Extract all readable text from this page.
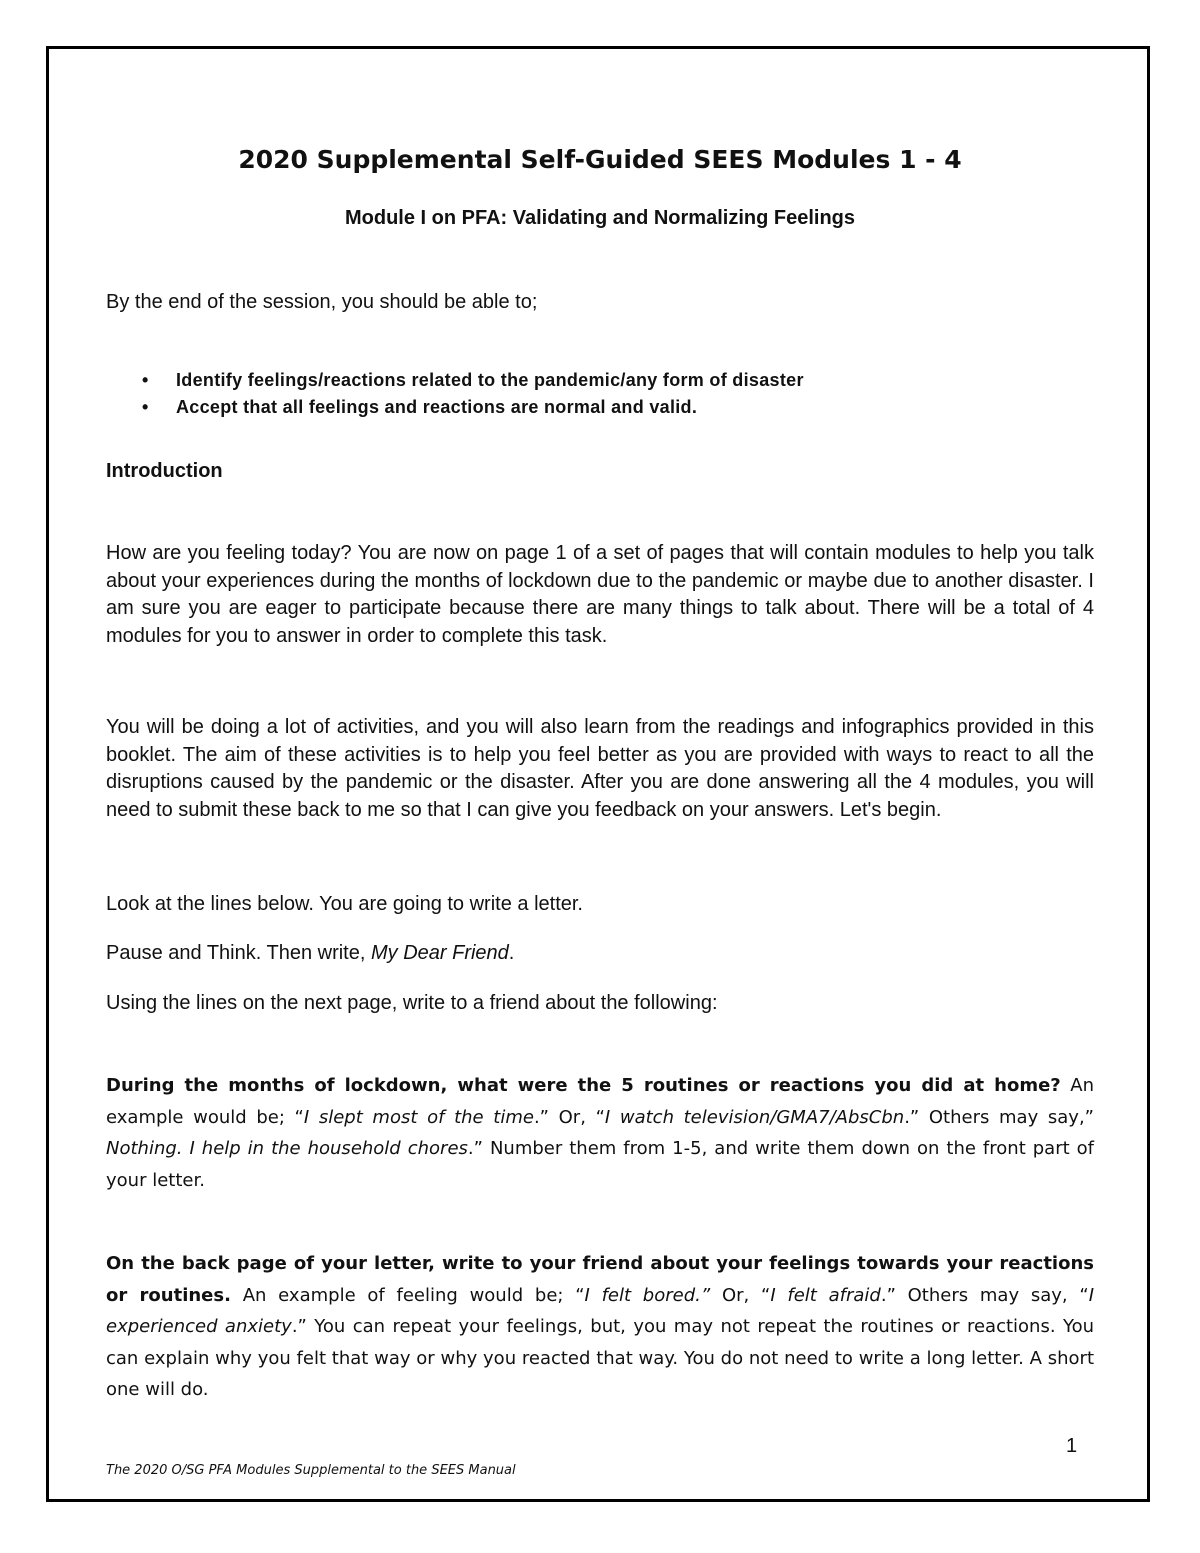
2020 Supplemental Self-Guided SEES Modules 1 - 4
Module I on PFA: Validating and Normalizing Feelings

By the end of the session, you should be able to;

• Identify feelings/reactions related to the pandemic/any form of disaster
• Accept that all feelings and reactions are normal and valid.
Introduction

How are you feeling today? You are now on page 1 of a set of pages that will contain modules to help you talk about your experiences during the months of lockdown due to the pandemic or maybe due to another disaster. I am sure you are eager to participate because there are many things to talk about. There will be a total of 4 modules for you to answer in order to complete this task.

You will be doing a lot of activities, and you will also learn from the readings and infographics provided in this booklet. The aim of these activities is to help you feel better as you are provided with ways to react to all the disruptions caused by the pandemic or the disaster. After you are done answering all the 4 modules, you will need to submit these back to me so that I can give you feedback on your answers. Let's begin.

Look at the lines below. You are going to write a letter.

Pause and Think. Then write, My Dear Friend.

Using the lines on the next page, write to a friend about the following:

During the months of lockdown, what were the 5 routines or reactions you did at home? An example would be; “I slept most of the time.” Or, “I watch television/GMA7/AbsCbn.” Others may say,” Nothing. I help in the household chores.” Number them from 1-5, and write them down on the front part of your letter.

On the back page of your letter, write to your friend about your feelings towards your reactions or routines. An example of feeling would be; “I felt bored.” Or, “I felt afraid.” Others may say, “I experienced anxiety.” You can repeat your feelings, but, you may not repeat the routines or reactions. You can explain why you felt that way or why you reacted that way. You do not need to write a long letter. A short one will do.

1
The 2020 O/SG PFA Modules Supplemental to the SEES Manual
